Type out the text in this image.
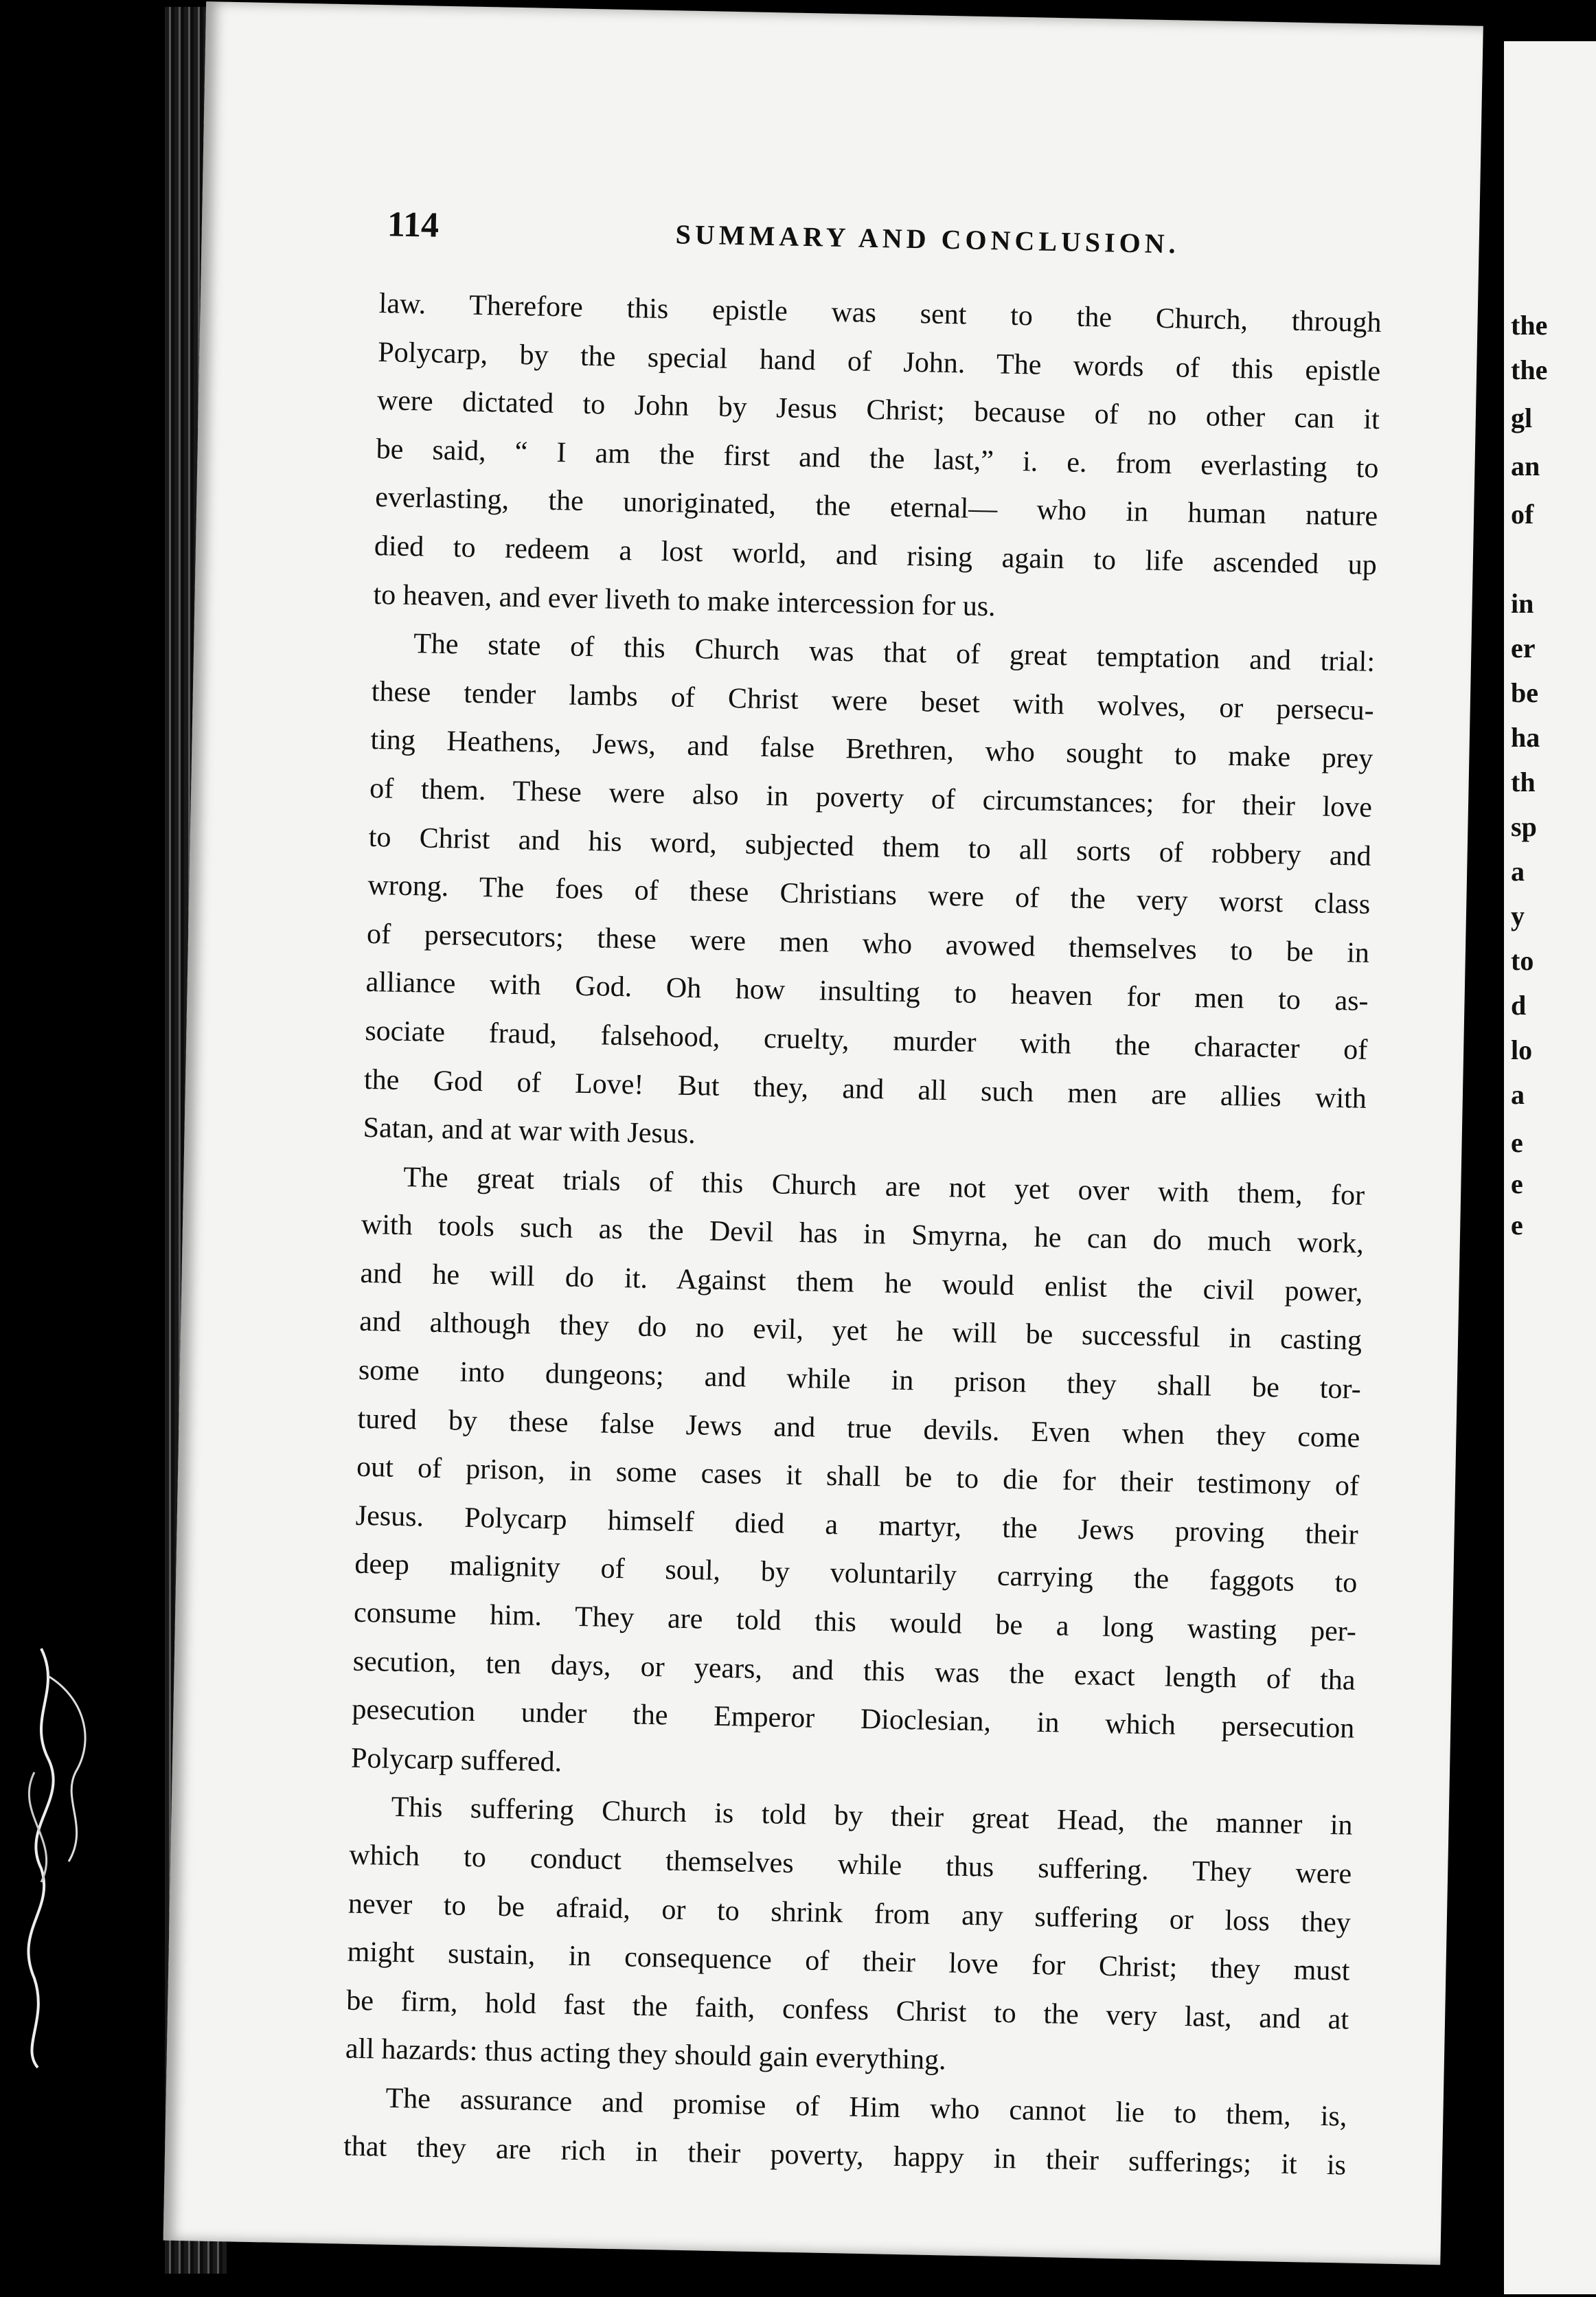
114	SUMMARY AND CONCLUSION.
law. Therefore this epistle was sent to the Church, through
Polycarp, by the special hand of John. The words of this epistle
were dictated to John by Jesus Christ; because of no other can it
be said, “ I am the first and the last,” i. e. from everlasting to
everlasting, the unoriginated, the eternal— who in human nature
died to redeem a lost world, and rising again to life ascended up
to heaven, and ever liveth to make intercession for us.
The state of this Church was that of great temptation and trial:
these tender lambs of Christ were beset with wolves, or persecu-
ting Heathens, Jews, and false Brethren, who sought to make prey
of them. These were also in poverty of circumstances; for their love
to Christ and his word, subjected them to all sorts of robbery and
wrong. The foes of these Christians were of the very worst class
of persecutors; these were men who avowed themselves to be in
alliance with God. Oh how insulting to heaven for men to as-
sociate fraud, falsehood, cruelty, murder with the character of
the God of Love! But they, and all such men are allies with
Satan, and at war with Jesus.
The great trials of this Church are not yet over with them, for
with tools such as the Devil has in Smyrna, he can do much work,
and he will do it. Against them he would enlist the civil power,
and although they do no evil, yet he will be successful in casting
some into dungeons; and while in prison they shall be tor-
tured by these false Jews and true devils. Even when they come
out of prison, in some cases it shall be to die for their testimony of
Jesus. Polycarp himself died a martyr, the Jews proving their
deep malignity of soul, by voluntarily carrying the faggots to
consume him. They are told this would be a long wasting per-
secution, ten days, or years, and this was the exact length of tha
pesecution under the Emperor Dioclesian, in which persecution
Polycarp suffered.
This suffering Church is told by their great Head, the manner in
which to conduct themselves while thus suffering. They were
never to be afraid, or to shrink from any suffering or loss they
might sustain, in consequence of their love for Christ; they must
be firm, hold fast the faith, confess Christ to the very last, and at
all hazards: thus acting they should gain everything.
The assurance and promise of Him who cannot lie to them, is,
that they are rich in their poverty, happy in their sufferings; it is
the
the
gl
an
of
in
er
be
ha
th
sp
a
y
to
d
lo
a
e
e
e
